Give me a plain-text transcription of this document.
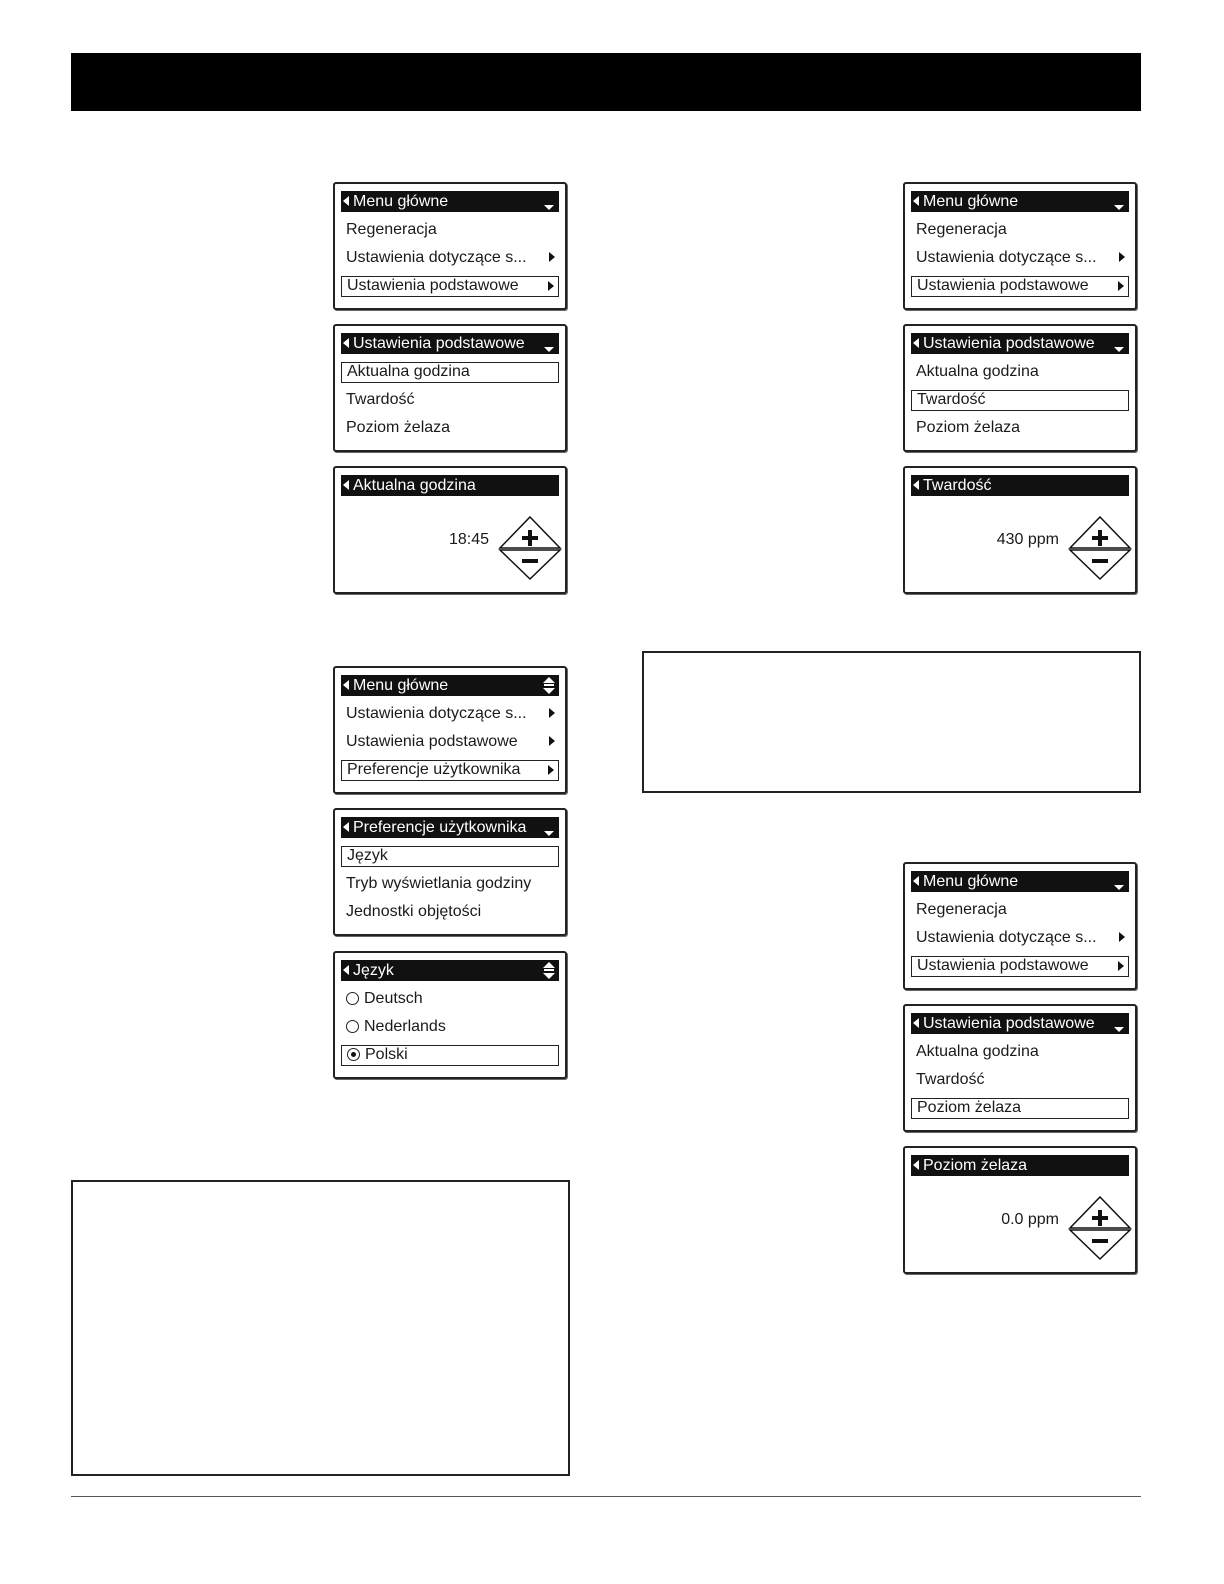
Menu główne
Regeneracja
Ustawienia dotyczące s...
Ustawienia podstawowe
Ustawienia podstawowe
Aktualna godzina
Twardość
Poziom żelaza
Aktualna godzina
18:45
Menu główne
Ustawienia dotyczące s...
Ustawienia podstawowe
Preferencje użytkownika
Preferencje użytkownika
Język
Tryb wyświetlania godziny
Jednostki objętości
Język
Deutsch
Nederlands
Polski
Menu główne
Regeneracja
Ustawienia dotyczące s...
Ustawienia podstawowe
Ustawienia podstawowe
Aktualna godzina
Twardość
Poziom żelaza
Twardość
430 ppm
Menu główne
Regeneracja
Ustawienia dotyczące s...
Ustawienia podstawowe
Ustawienia podstawowe
Aktualna godzina
Twardość
Poziom żelaza
Poziom żelaza
0.0 ppm
